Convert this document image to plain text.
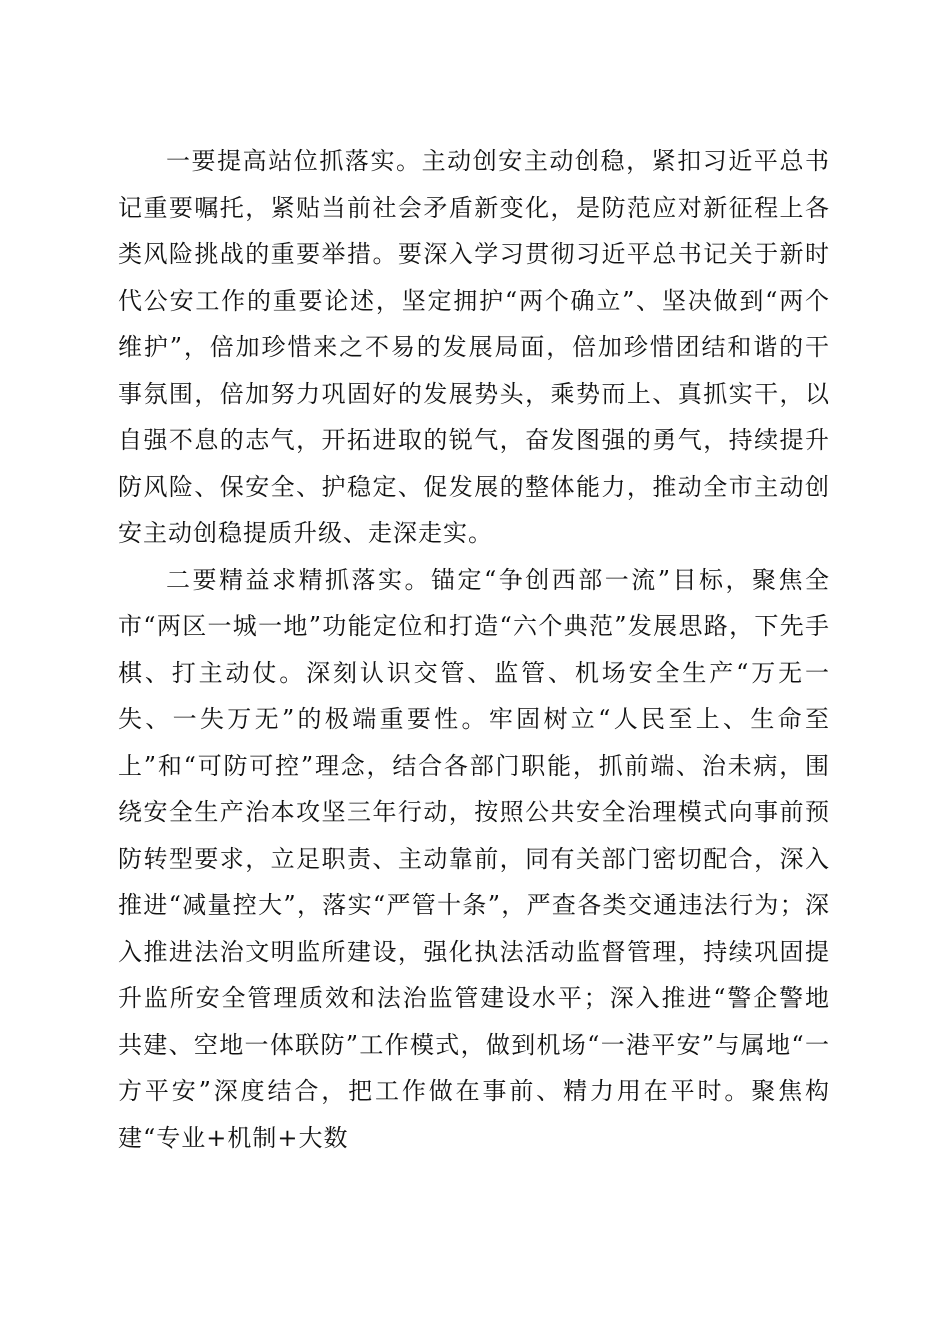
一要提高站位抓落实。主动创安主动创稳，紧扣习近平总书记重要嘱托，紧贴当前社会矛盾新变化，是防范应对新征程上各类风险挑战的重要举措。要深入学习贯彻习近平总书记关于新时代公安工作的重要论述，坚定拥护“两个确立”、坚决做到“两个维护”，倍加珍惜来之不易的发展局面，倍加珍惜团结和谐的干事氛围，倍加努力巩固好的发展势头，乘势而上、真抓实干，以自强不息的志气，开拓进取的锐气，奋发图强的勇气，持续提升防风险、保安全、护稳定、促发展的整体能力，推动全市主动创安主动创稳提质升级、走深走实。

二要精益求精抓落实。锚定“争创西部一流”目标，聚焦全市“两区一城一地”功能定位和打造“六个典范”发展思路，下先手棋、打主动仗。深刻认识交管、监管、机场安全生产“万无一失、一失万无”的极端重要性。牢固树立“人民至上、生命至上”和“可防可控”理念，结合各部门职能，抓前端、治未病，围绕安全生产治本攻坚三年行动，按照公共安全治理模式向事前预防转型要求，立足职责、主动靠前，同有关部门密切配合，深入推进“减量控大”，落实“严管十条”，严查各类交通违法行为；深入推进法治文明监所建设，强化执法活动监督管理，持续巩固提升监所安全管理质效和法治监管建设水平；深入推进“警企警地共建、空地一体联防”工作模式，做到机场“一港平安”与属地“一方平安”深度结合，把工作做在事前、精力用在平时。聚焦构建“专业+机制+大数
